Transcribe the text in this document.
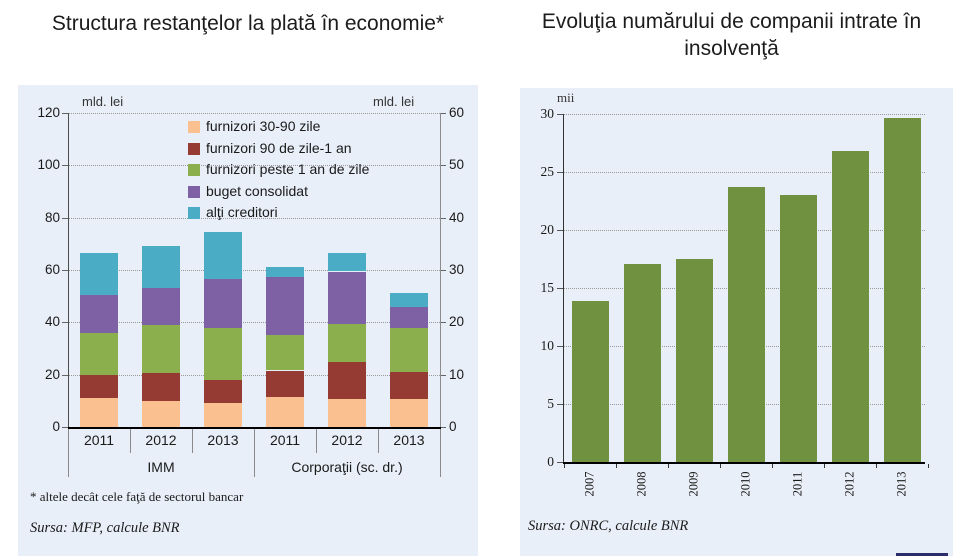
Structura restanţelor la plată în economie*	Evoluţia numărului de companii intrate în
insolvenţă
mld. lei	mld. lei
0
20
40
60
80
100
120
0
10
20
30
40
50
60
furnizori 30-90 zile
furnizori 90 de zile-1 an
furnizori peste 1 an de zile
buget consolidat
alţi creditori
2011	2012	2013	2011	2012	2013
IMM	Corporaţii (sc. dr.)
* altele decât cele faţă de sectorul bancar
Sursa: MFP, calcule BNR
mii
0
5
10
15
20
25
30
2007	2008	2009	2010	2011	2012	2013
Sursa: ONRC, calcule BNR
